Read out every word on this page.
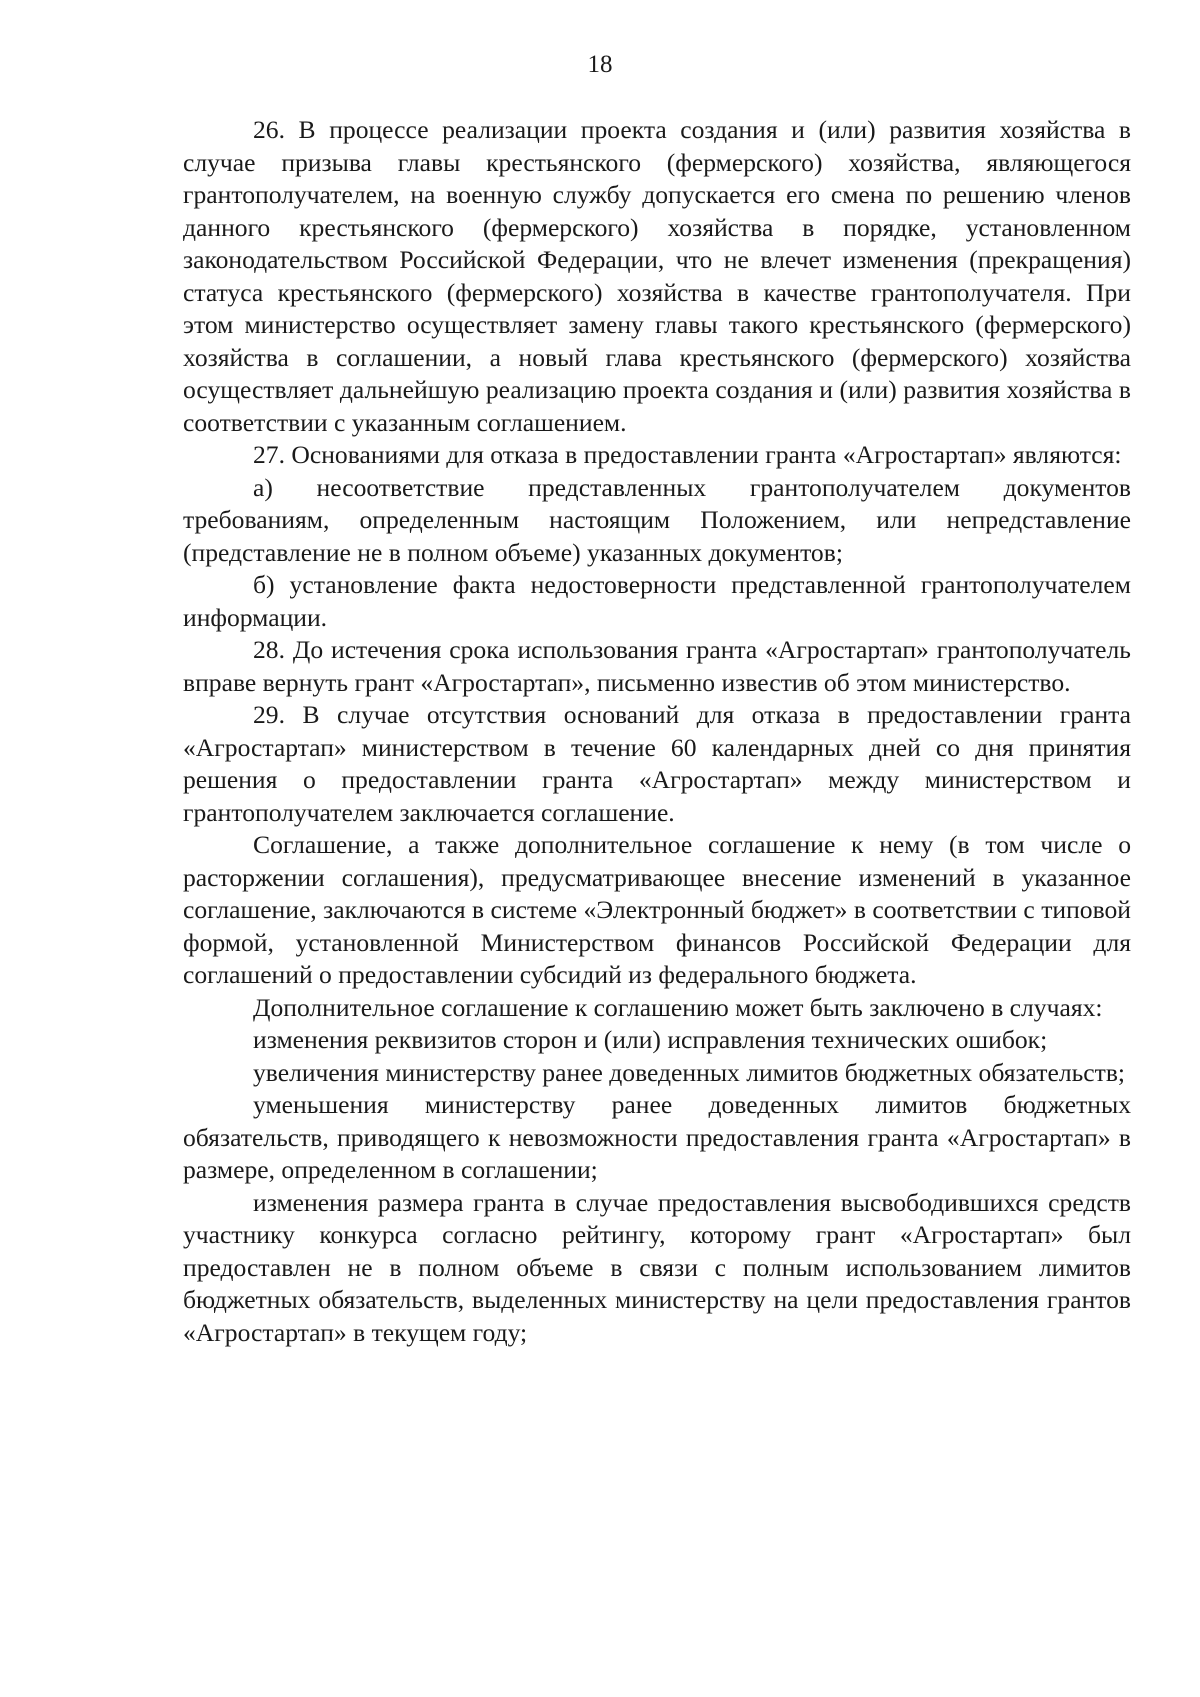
18

26. В процессе реализации проекта создания и (или) развития хозяйства в случае призыва главы крестьянского (фермерского) хозяйства, являющегося грантополучателем, на военную службу допускается его смена по решению членов данного крестьянского (фермерского) хозяйства в порядке, установленном законодательством Российской Федерации, что не влечет изменения (прекращения) статуса крестьянского (фермерского) хозяйства в качестве грантополучателя. При этом министерство осуществляет замену главы такого крестьянского (фермерского) хозяйства в соглашении, а новый глава крестьянского (фермерского) хозяйства осуществляет дальнейшую реализацию проекта создания и (или) развития хозяйства в соответствии с указанным соглашением.

27. Основаниями для отказа в предоставлении гранта «Агростартап» являются:

а) несоответствие представленных грантополучателем документов требованиям, определенным настоящим Положением, или непредставление (представление не в полном объеме) указанных документов;

б) установление факта недостоверности представленной грантополучателем информации.

28. До истечения срока использования гранта «Агростартап» грантополучатель вправе вернуть грант «Агростартап», письменно известив об этом министерство.

29. В случае отсутствия оснований для отказа в предоставлении гранта «Агростартап» министерством в течение 60 календарных дней со дня принятия решения о предоставлении гранта «Агростартап» между министерством и грантополучателем заключается соглашение.

Соглашение, а также дополнительное соглашение к нему (в том числе о расторжении соглашения), предусматривающее внесение изменений в указанное соглашение, заключаются в системе «Электронный бюджет» в соответствии с типовой формой, установленной Министерством финансов Российской Федерации для соглашений о предоставлении субсидий из федерального бюджета.

Дополнительное соглашение к соглашению может быть заключено в случаях:

изменения реквизитов сторон и (или) исправления технических ошибок;

увеличения министерству ранее доведенных лимитов бюджетных обязательств;

уменьшения министерству ранее доведенных лимитов бюджетных обязательств, приводящего к невозможности предоставления гранта «Агростартап» в размере, определенном в соглашении;

изменения размера гранта в случае предоставления высвободившихся средств участнику конкурса согласно рейтингу, которому грант «Агростартап» был предоставлен не в полном объеме в связи с полным использованием лимитов бюджетных обязательств, выделенных министерству на цели предоставления грантов «Агростартап» в текущем году;
